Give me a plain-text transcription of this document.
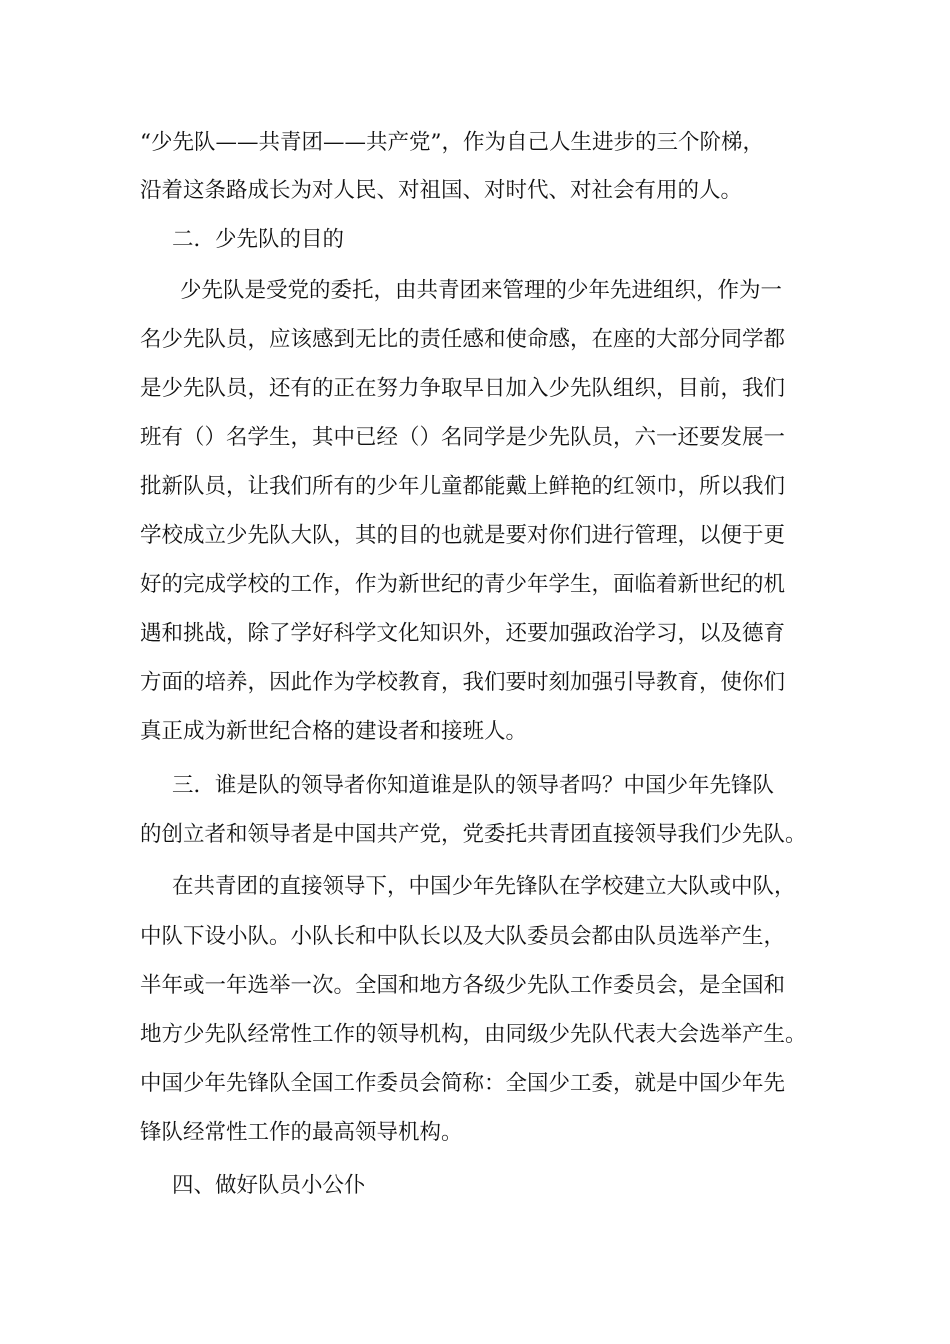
“少先队——共青团——共产党”，作为自己人生进步的三个阶梯，
沿着这条路成长为对人民、对祖国、对时代、对社会有用的人。
二．少先队的目的
少先队是受党的委托，由共青团来管理的少年先进组织，作为一
名少先队员，应该感到无比的责任感和使命感，在座的大部分同学都
是少先队员，还有的正在努力争取早日加入少先队组织，目前，我们
班有（）名学生，其中已经（）名同学是少先队员，六一还要发展一
批新队员，让我们所有的少年儿童都能戴上鲜艳的红领巾，所以我们
学校成立少先队大队，其的目的也就是要对你们进行管理，以便于更
好的完成学校的工作，作为新世纪的青少年学生，面临着新世纪的机
遇和挑战，除了学好科学文化知识外，还要加强政治学习，以及德育
方面的培养，因此作为学校教育，我们要时刻加强引导教育，使你们
真正成为新世纪合格的建设者和接班人。
三．谁是队的领导者你知道谁是队的领导者吗？中国少年先锋队
的创立者和领导者是中国共产党，党委托共青团直接领导我们少先队。
在共青团的直接领导下，中国少年先锋队在学校建立大队或中队，
中队下设小队。小队长和中队长以及大队委员会都由队员选举产生，
半年或一年选举一次。全国和地方各级少先队工作委员会，是全国和
地方少先队经常性工作的领导机构，由同级少先队代表大会选举产生。
中国少年先锋队全国工作委员会简称：全国少工委，就是中国少年先
锋队经常性工作的最高领导机构。
四、做好队员小公仆
